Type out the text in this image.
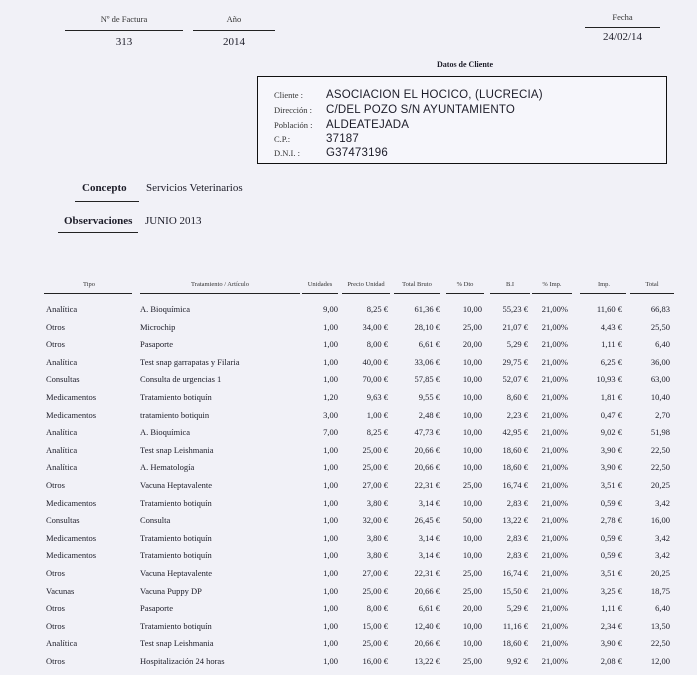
Nº de Factura
313
Año
2014
Fecha
24/02/14
Datos de Cliente
Cliente :	ASOCIACION EL HOCICO, (LUCRECIA)
Dirección :	C/DEL POZO S/N AYUNTAMIENTO
Población :	ALDEATEJADA
C.P.:	37187
D.N.I. :	G37473196
Concepto Servicios Veterinarios
Observaciones JUNIO 2013
Tipo	Tratamiento / Artículo	Unidades	Precio Unidad	Total Bruto	% Dto	B.I	% Imp.	Imp.	Total
Analítica	A. Bioquímica	9,00	8,25 €	61,36 €	10,00	55,23 €	21,00%	11,60 €	66,83
Otros	Microchip	1,00	34,00 €	28,10 €	25,00	21,07 €	21,00%	4,43 €	25,50
Otros	Pasaporte	1,00	8,00 €	6,61 €	20,00	5,29 €	21,00%	1,11 €	6,40
Analítica	Test snap garrapatas y Filaria	1,00	40,00 €	33,06 €	10,00	29,75 €	21,00%	6,25 €	36,00
Consultas	Consulta de urgencias 1	1,00	70,00 €	57,85 €	10,00	52,07 €	21,00%	10,93 €	63,00
Medicamentos	Tratamiento botiquín	1,20	9,63 €	9,55 €	10,00	8,60 €	21,00%	1,81 €	10,40
Medicamentos	tratamiento botiquin	3,00	1,00 €	2,48 €	10,00	2,23 €	21,00%	0,47 €	2,70
Analítica	A. Bioquímica	7,00	8,25 €	47,73 €	10,00	42,95 €	21,00%	9,02 €	51,98
Analítica	Test snap Leishmania	1,00	25,00 €	20,66 €	10,00	18,60 €	21,00%	3,90 €	22,50
Analítica	A. Hematología	1,00	25,00 €	20,66 €	10,00	18,60 €	21,00%	3,90 €	22,50
Otros	Vacuna Heptavalente	1,00	27,00 €	22,31 €	25,00	16,74 €	21,00%	3,51 €	20,25
Medicamentos	Tratamiento botiquín	1,00	3,80 €	3,14 €	10,00	2,83 €	21,00%	0,59 €	3,42
Consultas	Consulta	1,00	32,00 €	26,45 €	50,00	13,22 €	21,00%	2,78 €	16,00
Medicamentos	Tratamiento botiquín	1,00	3,80 €	3,14 €	10,00	2,83 €	21,00%	0,59 €	3,42
Medicamentos	Tratamiento botiquín	1,00	3,80 €	3,14 €	10,00	2,83 €	21,00%	0,59 €	3,42
Otros	Vacuna Heptavalente	1,00	27,00 €	22,31 €	25,00	16,74 €	21,00%	3,51 €	20,25
Vacunas	Vacuna Puppy DP	1,00	25,00 €	20,66 €	25,00	15,50 €	21,00%	3,25 €	18,75
Otros	Pasaporte	1,00	8,00 €	6,61 €	20,00	5,29 €	21,00%	1,11 €	6,40
Otros	Tratamiento botiquín	1,00	15,00 €	12,40 €	10,00	11,16 €	21,00%	2,34 €	13,50
Analítica	Test snap Leishmania	1,00	25,00 €	20,66 €	10,00	18,60 €	21,00%	3,90 €	22,50
Otros	Hospitalización 24 horas	1,00	16,00 €	13,22 €	25,00	9,92 €	21,00%	2,08 €	12,00
